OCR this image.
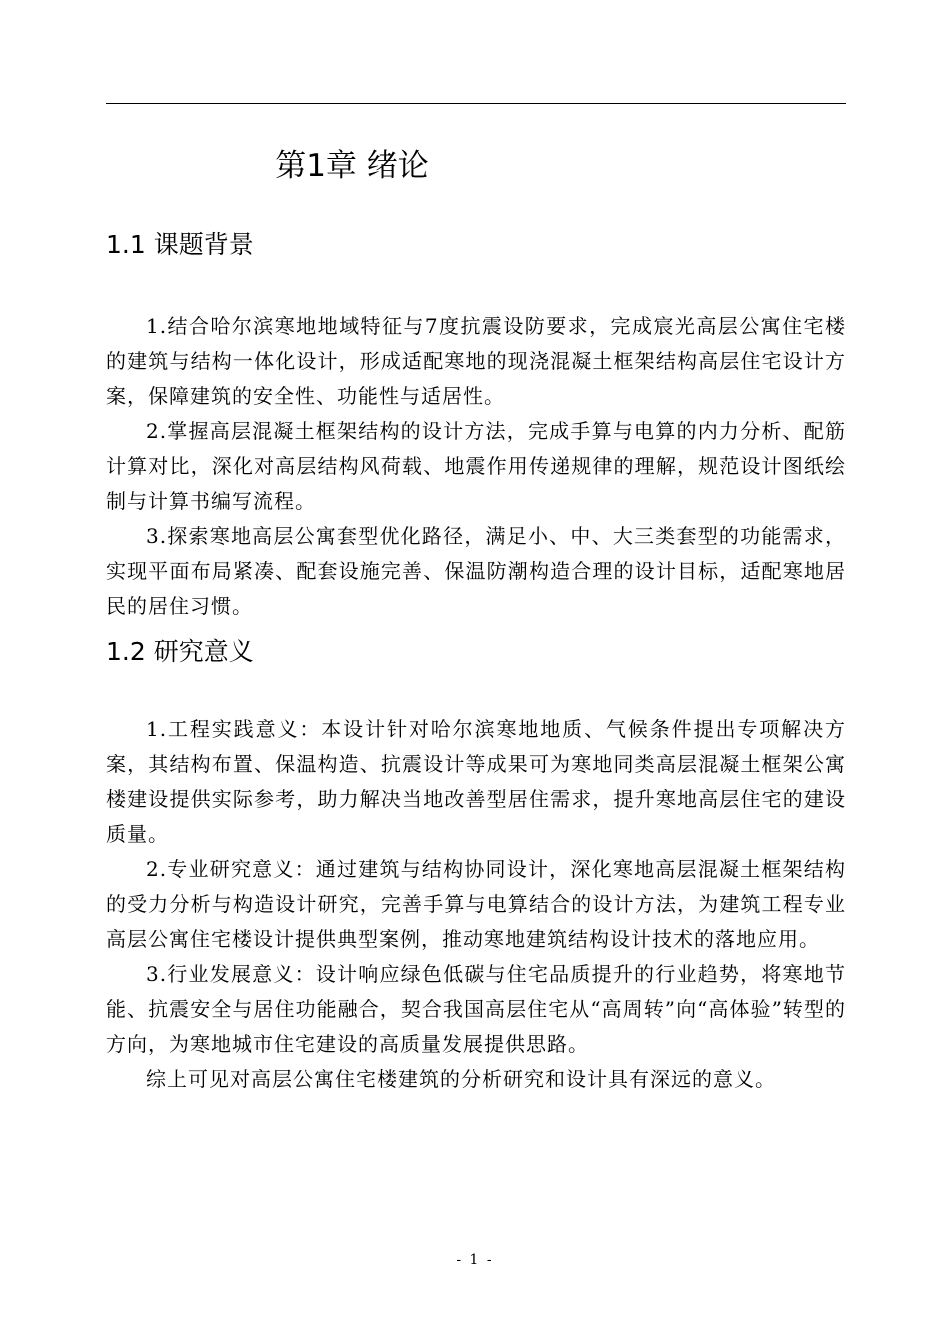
第1章 绪论
1.1 课题背景

1.结合哈尔滨寒地地域特征与7度抗震设防要求，完成宸光高层公寓住宅楼的建筑与结构一体化设计，形成适配寒地的现浇混凝土框架结构高层住宅设计方案，保障建筑的安全性、功能性与适居性。

2.掌握高层混凝土框架结构的设计方法，完成手算与电算的内力分析、配筋计算对比，深化对高层结构风荷载、地震作用传递规律的理解，规范设计图纸绘制与计算书编写流程。

3.探索寒地高层公寓套型优化路径，满足小、中、大三类套型的功能需求，实现平面布局紧凑、配套设施完善、保温防潮构造合理的设计目标，适配寒地居民的居住习惯。

1.2 研究意义

1.工程实践意义：本设计针对哈尔滨寒地地质、气候条件提出专项解决方案，其结构布置、保温构造、抗震设计等成果可为寒地同类高层混凝土框架公寓楼建设提供实际参考，助力解决当地改善型居住需求，提升寒地高层住宅的建设质量。

2.专业研究意义：通过建筑与结构协同设计，深化寒地高层混凝土框架结构的受力分析与构造设计研究，完善手算与电算结合的设计方法，为建筑工程专业高层公寓住宅楼设计提供典型案例，推动寒地建筑结构设计技术的落地应用。

3.行业发展意义：设计响应绿色低碳与住宅品质提升的行业趋势，将寒地节能、抗震安全与居住功能融合，契合我国高层住宅从“高周转”向“高体验”转型的方向，为寒地城市住宅建设的高质量发展提供思路。

综上可见对高层公寓住宅楼建筑的分析研究和设计具有深远的意义。

- 1 -
